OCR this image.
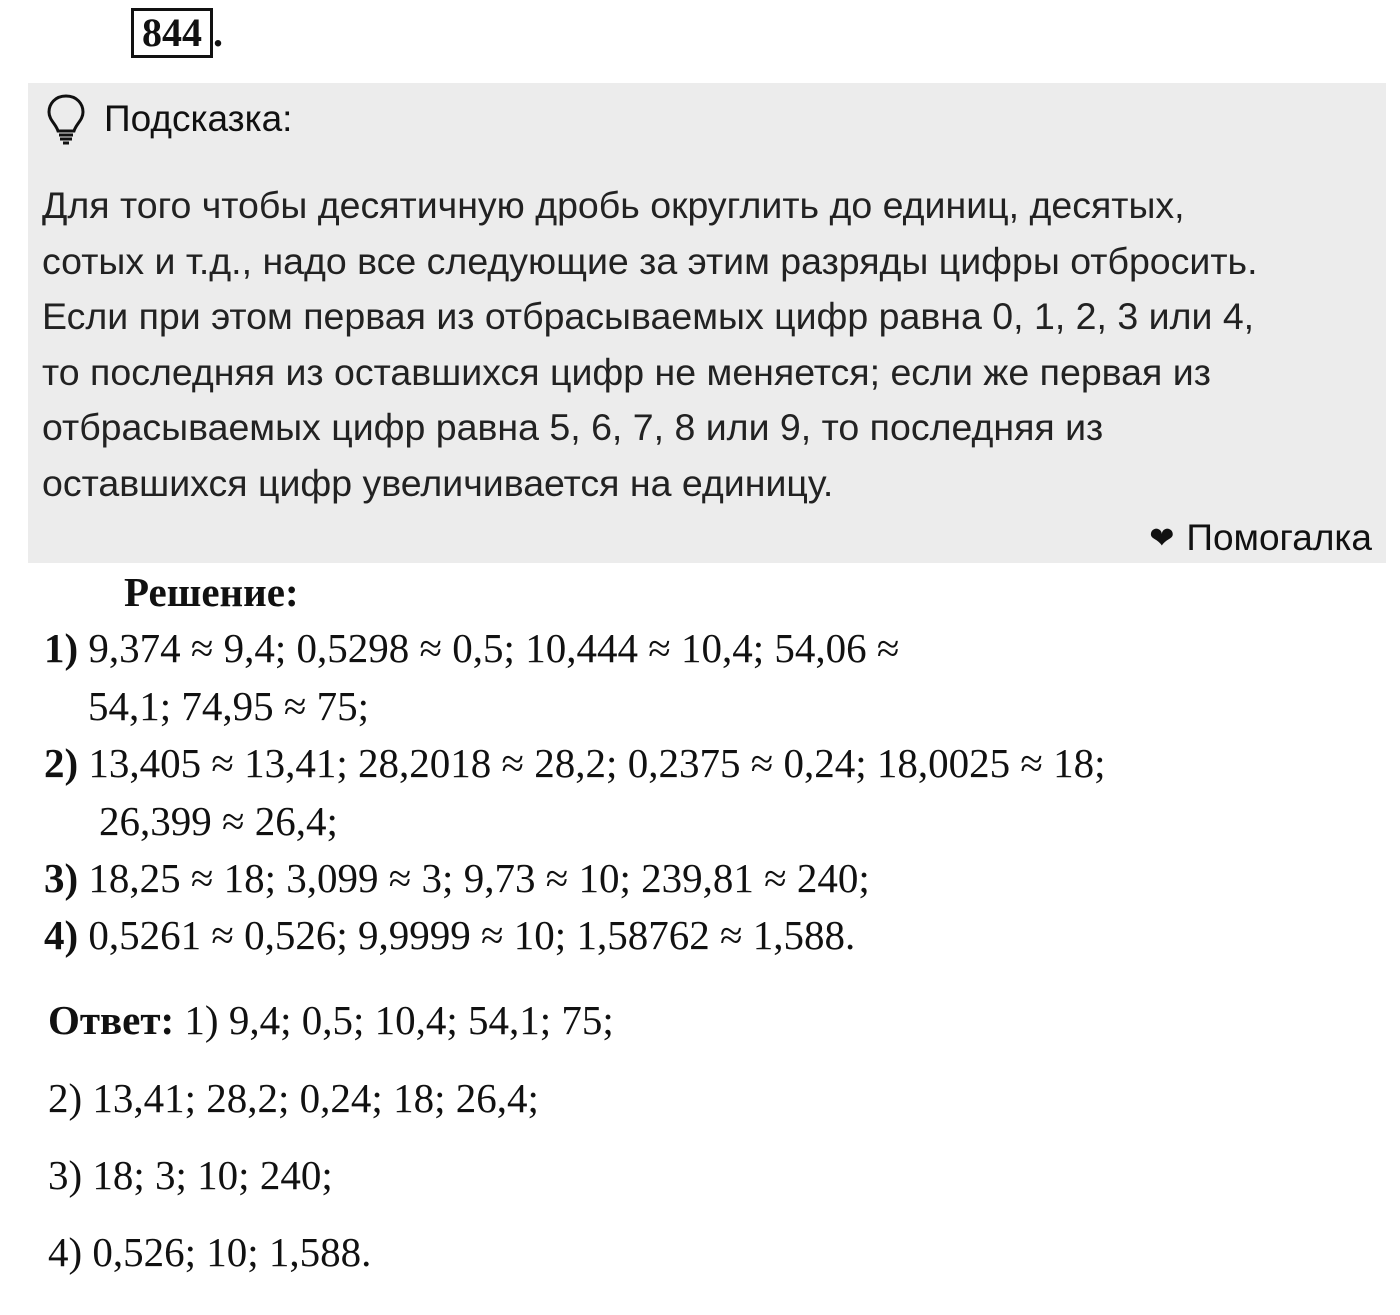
844 .
Подсказка:
Для того чтобы десятичную дробь округлить до единиц, десятых,
сотых и т.д., надо все следующие за этим разряды цифры отбросить.
Если при этом первая из отбрасываемых цифр равна 0, 1, 2, 3 или 4,
то последняя из оставшихся цифр не меняется; если же первая из
отбрасываемых цифр равна 5, 6, 7, 8 или 9, то последняя из
оставшихся цифр увеличивается на единицу.
❤ Помогалка
Решение:
1) 9,374 ≈ 9,4; 0,5298 ≈ 0,5; 10,444 ≈ 10,4; 54,06 ≈
54,1; 74,95 ≈ 75;
2) 13,405 ≈ 13,41; 28,2018 ≈ 28,2; 0,2375 ≈ 0,24; 18,0025 ≈ 18;
26,399 ≈ 26,4;
3) 18,25 ≈ 18; 3,099 ≈ 3; 9,73 ≈ 10; 239,81 ≈ 240;
4) 0,5261 ≈ 0,526; 9,9999 ≈ 10; 1,58762 ≈ 1,588.
Ответ: 1) 9,4; 0,5; 10,4; 54,1; 75;
2) 13,41; 28,2; 0,24; 18; 26,4;
3) 18; 3; 10; 240;
4) 0,526; 10; 1,588.
